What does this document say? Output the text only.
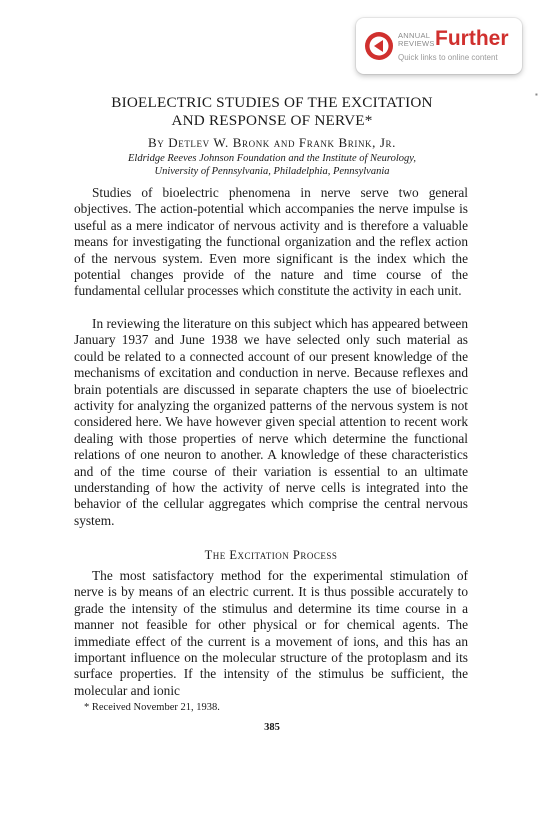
ANNUAL
REVIEWS Further
Quick links to online content
▪
BIOELECTRIC STUDIES OF THE EXCITATION
AND RESPONSE OF NERVE*
By Detlev W. Bronk and Frank Brink, Jr.
Eldridge Reeves Johnson Foundation and the Institute of Neurology,
University of Pennsylvania, Philadelphia, Pennsylvania

Studies of bioelectric phenomena in nerve serve two general objectives. The action-potential which accompanies the nerve impulse is useful as a mere indicator of nervous activity and is therefore a valuable means for investigating the functional organization and the reflex action of the nervous system. Even more significant is the index which the potential changes provide of the nature and time course of the fundamental cellular processes which constitute the activity in each unit.

In reviewing the literature on this subject which has appeared between January 1937 and June 1938 we have selected only such material as could be related to a connected account of our present knowledge of the mechanisms of excitation and conduction in nerve. Because reflexes and brain potentials are discussed in separate chapters the use of bioelectric activity for analyzing the organized patterns of the nervous system is not considered here. We have however given special attention to recent work dealing with those properties of nerve which determine the functional relations of one neuron to another. A knowledge of these characteristics and of the time course of their variation is essential to an ultimate understanding of how the activity of nerve cells is integrated into the behavior of the cellular aggregates which comprise the central nervous system.

The Excitation Process

The most satisfactory method for the experimental stimulation of nerve is by means of an electric current. It is thus possible accurately to grade the intensity of the stimulus and determine its time course in a manner not feasible for other physical or for chemical agents. The immediate effect of the current is a movement of ions, and this has an important influence on the molecular structure of the protoplasm and its surface properties. If the intensity of the stimulus be sufficient, the molecular and ionic

* Received November 21, 1938.
385
